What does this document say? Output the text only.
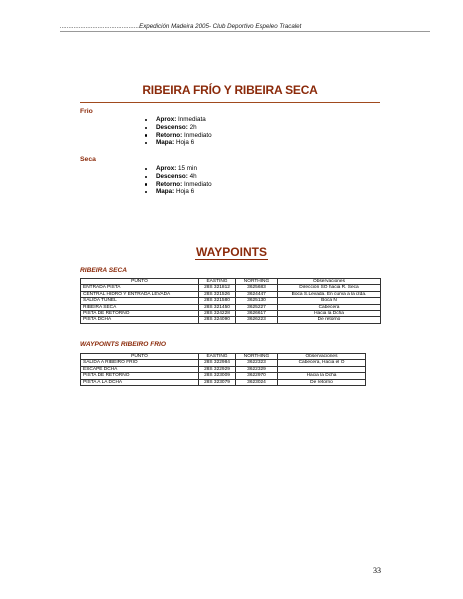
..............................................Expedición Madeira 2005- Club Deportivo Espeleo Tracalet
RIBEIRA FRÍO Y RIBEIRA SECA
Frio
Aprox: Inmediata
Descenso: 2h
Retorno: Inmediato
Mapa: Hoja 6
Seca
Aprox: 15 min
Descenso: 4h
Retorno: Inmediato
Mapa: Hoja 6
WAYPOINTS
RIBEIRA SECA
PUNTO	EASTING	NORTHING	Observaciones
ENTRADA PISTA	28S 321812	3625683	Dirección SO hacia R. Seca
CENTRAL HIDRO Y ENTRADA LEVADA	28S 321526	3624447	Boca S.Levada. En curva a la izda.
SALIDA TUNEL	28S 321580	3625130	Boca N
RIBEIRA SECA	28S 321450	3625227	Cabecera
PISTA DE RETORNO	28S 324228	3626617	Hacia la Dcha
PISTA DCHA	28S 324090	3626223	De retorno
WAYPOINTS RIBEIRO FRIO
PUNTO	EASTING	NORTHING	Observaciones
SALIDA A RIBEIRO FRIO	28S 322984	3622323	Cabecera, Hacia el O
ESCAPE DCHA	28S 322929	3622329	
PISTA DE RETORNO	28S 323009	3622970	Hacia la Dcha
PISTA A LA DCHA	28S 323079	3623024	De retorno
33
